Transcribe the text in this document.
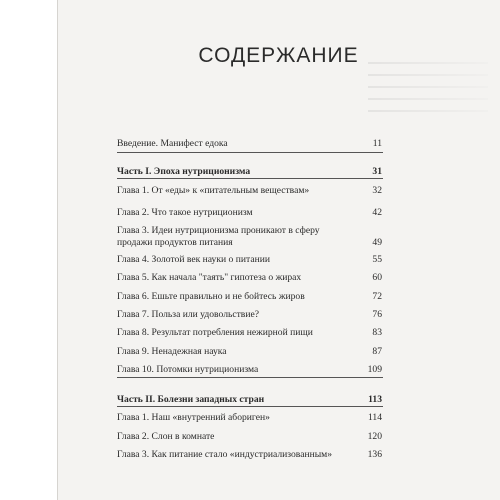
СОДЕРЖАНИЕ
Введение. Манифест едока	11
Часть I. Эпоха нутриционизма	31
Глава 1. От «еды» к «питательным веществам»	32
Глава 2. Что такое нутриционизм	42
Глава 3. Идеи нутриционизма проникают в сферу продажи продуктов питания	49
Глава 4. Золотой век науки о питании	55
Глава 5. Как начала "таять" гипотеза о жирах	60
Глава 6. Ешьте правильно и не бойтесь жиров	72
Глава 7. Польза или удовольствие?	76
Глава 8. Результат потребления нежирной пищи	83
Глава 9. Ненадежная наука	87
Глава 10. Потомки нутриционизма	109
Часть II. Болезни западных стран	113
Глава 1. Наш «внутренний абориген»	114
Глава 2. Слон в комнате	120
Глава 3. Как питание стало «индустриализованным»	136
